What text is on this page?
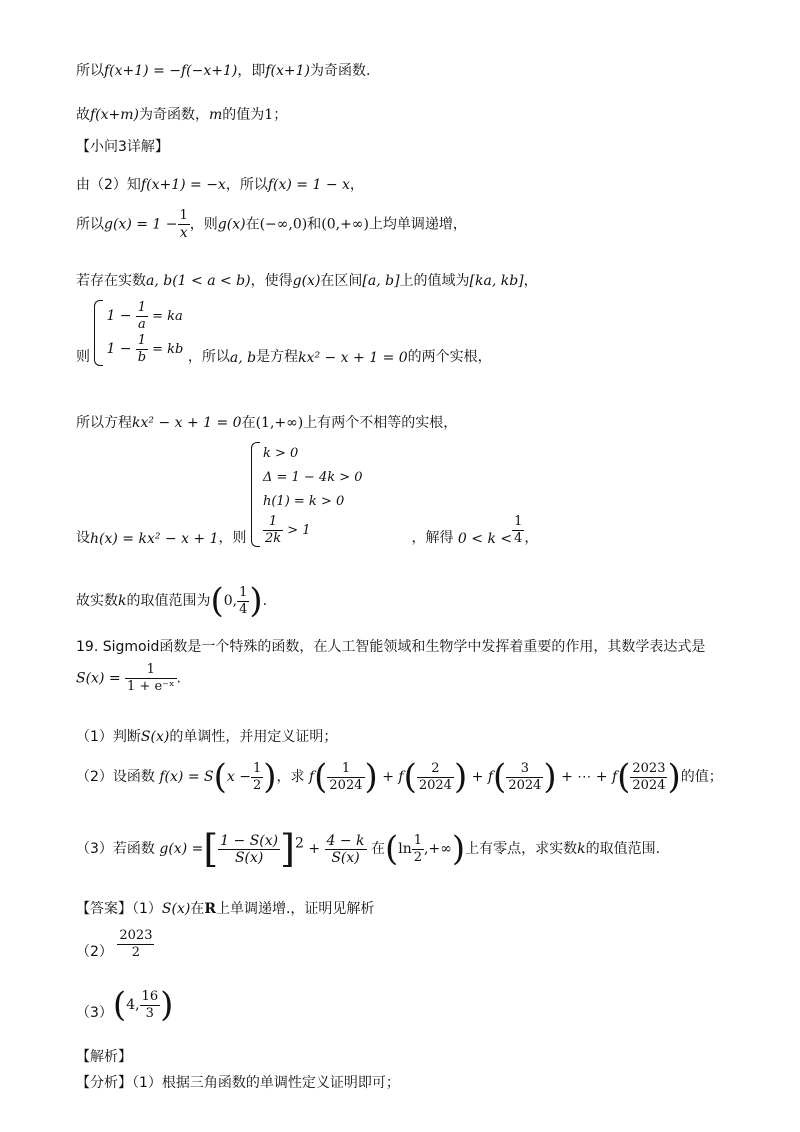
所以f(x+1) = −f(−x+1)，即f(x+1)为奇函数.
故f(x+m)为奇函数，m的值为1；
【小问3详解】
由（2）知f(x+1) = −x，所以f(x) = 1 − x，
所以$g(x) = 1 - \frac{1}{x}$ ，则g(x)在(−∞,0)和(0,+∞)上均单调递增，
若存在实数a, b(1 < a < b)，使得g(x)在区间[a, b]上的值域为[ka, kb]，
则
$1 - \frac{1}{a}$ = ka
$1 - \frac{1}{b}$ = kb ，所以a, b是方程kx² − x + 1 = 0的两个实根，
所以方程kx² − x + 1 = 0在(1,+∞)上有两个不相等的实根，
设h(x) = kx² − x + 1，则
k > 0
Δ = 1 − 4k > 0
h(1) = k > 0
$\frac{1}{2k} > 1$	，解得 $0 < k < \frac{1}{4}$ ，
故实数k的取值范围为(0, $\frac{1}{4}$ ).
19. Sigmoid函数是一个特殊的函数，在人工智能领域和生物学中发挥着重要的作用，其数学表达式是
$S(x) = \frac{1}{\text{1 + e⁻ˣ}}$ .
（1）判断S(x)的单调性，并用定义证明；
（2）设函数 $f(x) = S(x - \frac{1}{2}$ )，求 $f( \frac{1}{2024}$ ) + $f( \frac{2}{2024}$ ) + $f( \frac{3}{2024}$ ) + ⋯ + $f( \frac{2023}{2024}$ )的值；
（3）若函数 g(x) =[ $\frac{1 - S(x)}{S(x)} ]^2 + \frac{4 - k}{S(x)}$ 在($\ln \frac{1}{2}$ ,+∞)上有零点，求实数k的取值范围.
【答案】（1）S(x)在R上单调递增.，证明见解析
$(2) \frac{2023}{2}$
（3）(4, $\frac{16}{3}$ )
【解析】
【分析】（1）根据三角函数的单调性定义证明即可；
